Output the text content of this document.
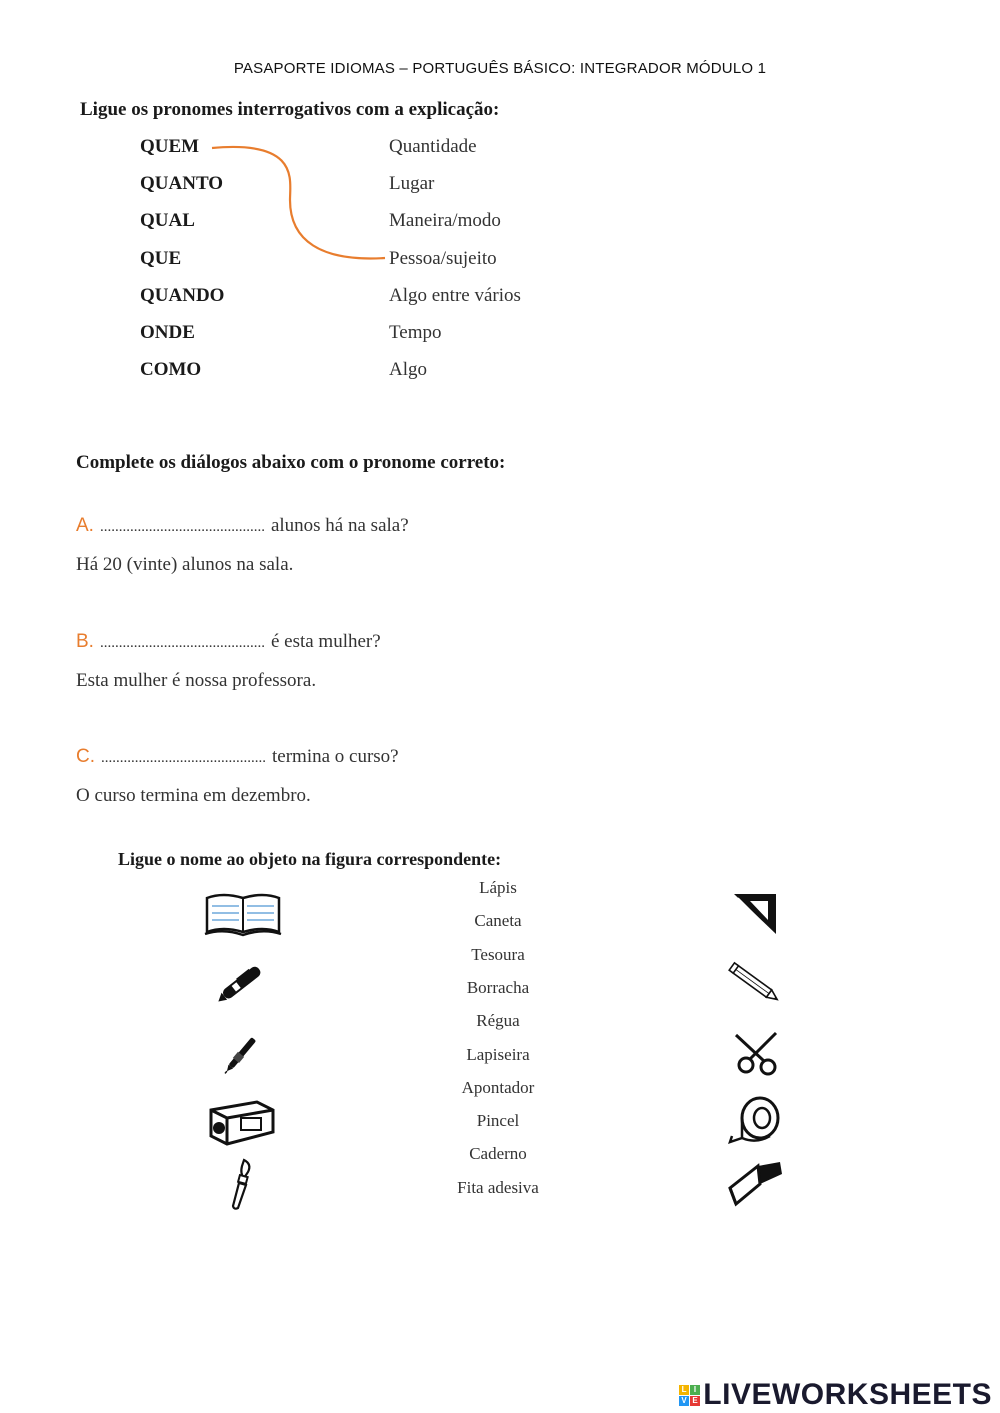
PASAPORTE IDIOMAS – PORTUGUÊS BÁSICO: INTEGRADOR MÓDULO 1
Ligue os pronomes interrogativos com a explicação:
QUEM
QUANTO
QUAL
QUE
QUANDO
ONDE
COMO
Quantidade
Lugar
Maneira/modo
Pessoa/sujeito
Algo entre vários
Tempo
Algo
Complete os diálogos abaixo com o pronome correto:
A. ............................................ alunos há na sala?
Há 20 (vinte) alunos na sala.
B. ............................................ é esta mulher?
Esta mulher é nossa professora.
C. ............................................ termina o curso?
O curso termina em dezembro.
Ligue o nome ao objeto na figura correspondente:
Lápis
Caneta
Tesoura
Borracha
Régua
Lapiseira
Apontador
Pincel
Caderno
Fita adesiva
L I
V E LIVEWORKSHEETS
